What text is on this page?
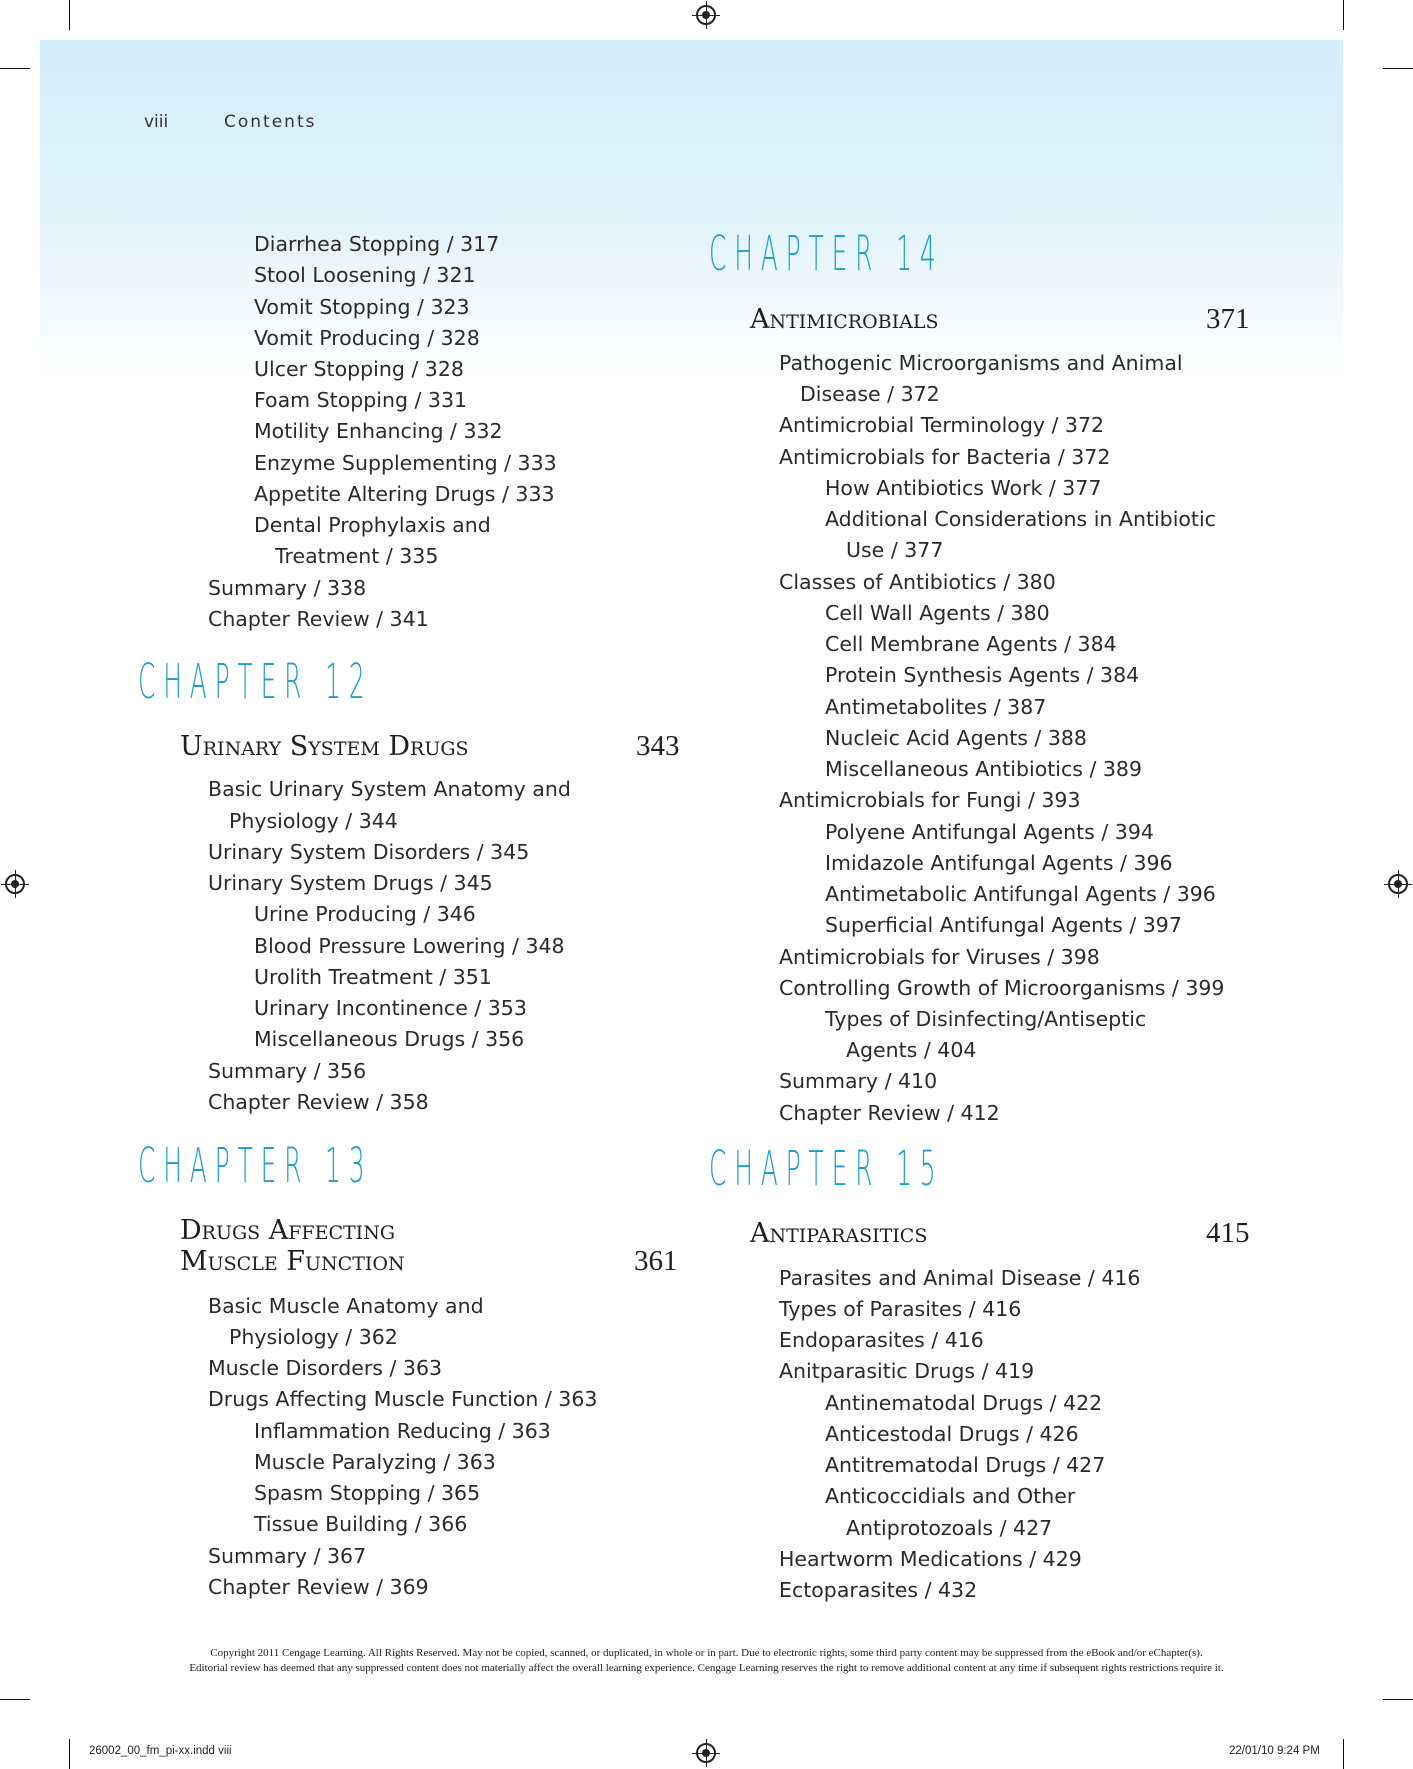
viii	Contents
Diarrhea Stopping / 317
Stool Loosening / 321
Vomit Stopping / 323
Vomit Producing / 328
Ulcer Stopping / 328
Foam Stopping / 331
Motility Enhancing / 332
Enzyme Supplementing / 333
Appetite Altering Drugs / 333
Dental Prophylaxis and
Treatment / 335
Summary / 338
Chapter Review / 341
CHAPTER 12
Urinary System Drugs	343
Basic Urinary System Anatomy and
Physiology / 344
Urinary System Disorders / 345
Urinary System Drugs / 345
Urine Producing / 346
Blood Pressure Lowering / 348
Urolith Treatment / 351
Urinary Incontinence / 353
Miscellaneous Drugs / 356
Summary / 356
Chapter Review / 358
CHAPTER 13
Drugs Affecting
Muscle Function	361
Basic Muscle Anatomy and
Physiology / 362
Muscle Disorders / 363
Drugs Affecting Muscle Function / 363
Inflammation Reducing / 363
Muscle Paralyzing / 363
Spasm Stopping / 365
Tissue Building / 366
Summary / 367
Chapter Review / 369
CHAPTER 14
Antimicrobials	371
Pathogenic Microorganisms and Animal
Disease / 372
Antimicrobial Terminology / 372
Antimicrobials for Bacteria / 372
How Antibiotics Work / 377
Additional Considerations in Antibiotic
Use / 377
Classes of Antibiotics / 380
Cell Wall Agents / 380
Cell Membrane Agents / 384
Protein Synthesis Agents / 384
Antimetabolites / 387
Nucleic Acid Agents / 388
Miscellaneous Antibiotics / 389
Antimicrobials for Fungi / 393
Polyene Antifungal Agents / 394
Imidazole Antifungal Agents / 396
Antimetabolic Antifungal Agents / 396
Superficial Antifungal Agents / 397
Antimicrobials for Viruses / 398
Controlling Growth of Microorganisms / 399
Types of Disinfecting/Antiseptic
Agents / 404
Summary / 410
Chapter Review / 412
CHAPTER 15
Antiparasitics	415
Parasites and Animal Disease / 416
Types of Parasites / 416
Endoparasites / 416
Anitparasitic Drugs / 419
Antinematodal Drugs / 422
Anticestodal Drugs / 426
Antitrematodal Drugs / 427
Anticoccidials and Other
Antiprotozoals / 427
Heartworm Medications / 429
Ectoparasites / 432
Copyright 2011 Cengage Learning. All Rights Reserved. May not be copied, scanned, or duplicated, in whole or in part. Due to electronic rights, some third party content may be suppressed from the eBook and/or eChapter(s).
Editorial review has deemed that any suppressed content does not materially affect the overall learning experience. Cengage Learning reserves the right to remove additional content at any time if subsequent rights restrictions require it.
26002_00_fm_pi-xx.indd viii	22/01/10 9:24 PM
